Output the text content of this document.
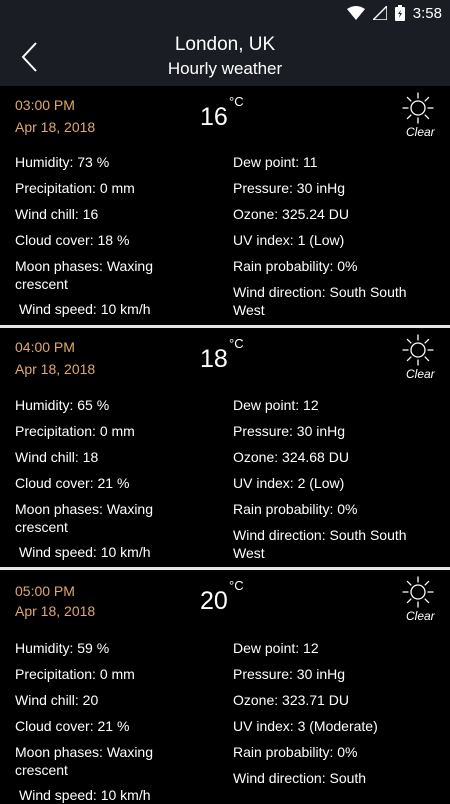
3:58
London, UK
Hourly weather
03:00 PM
Apr 18, 2018	16
°C
Clear
Humidity: 73 %
Precipitation: 0 mm
Wind chill: 16
Cloud cover: 18 %
Moon phases: Waxing crescent
Wind speed: 10 km/h
Dew point: 11
Pressure: 30 inHg
Ozone: 325.24 DU
UV index: 1 (Low)
Rain probability: 0%
Wind direction: South South West
04:00 PM
Apr 18, 2018	18
°C
Clear
Humidity: 65 %
Precipitation: 0 mm
Wind chill: 18
Cloud cover: 21 %
Moon phases: Waxing crescent
Wind speed: 10 km/h
Dew point: 12
Pressure: 30 inHg
Ozone: 324.68 DU
UV index: 2 (Low)
Rain probability: 0%
Wind direction: South South West
05:00 PM
Apr 18, 2018	20
°C
Clear
Humidity: 59 %
Precipitation: 0 mm
Wind chill: 20
Cloud cover: 21 %
Moon phases: Waxing crescent
Wind speed: 10 km/h
Dew point: 12
Pressure: 30 inHg
Ozone: 323.71 DU
UV index: 3 (Moderate)
Rain probability: 0%
Wind direction: South
